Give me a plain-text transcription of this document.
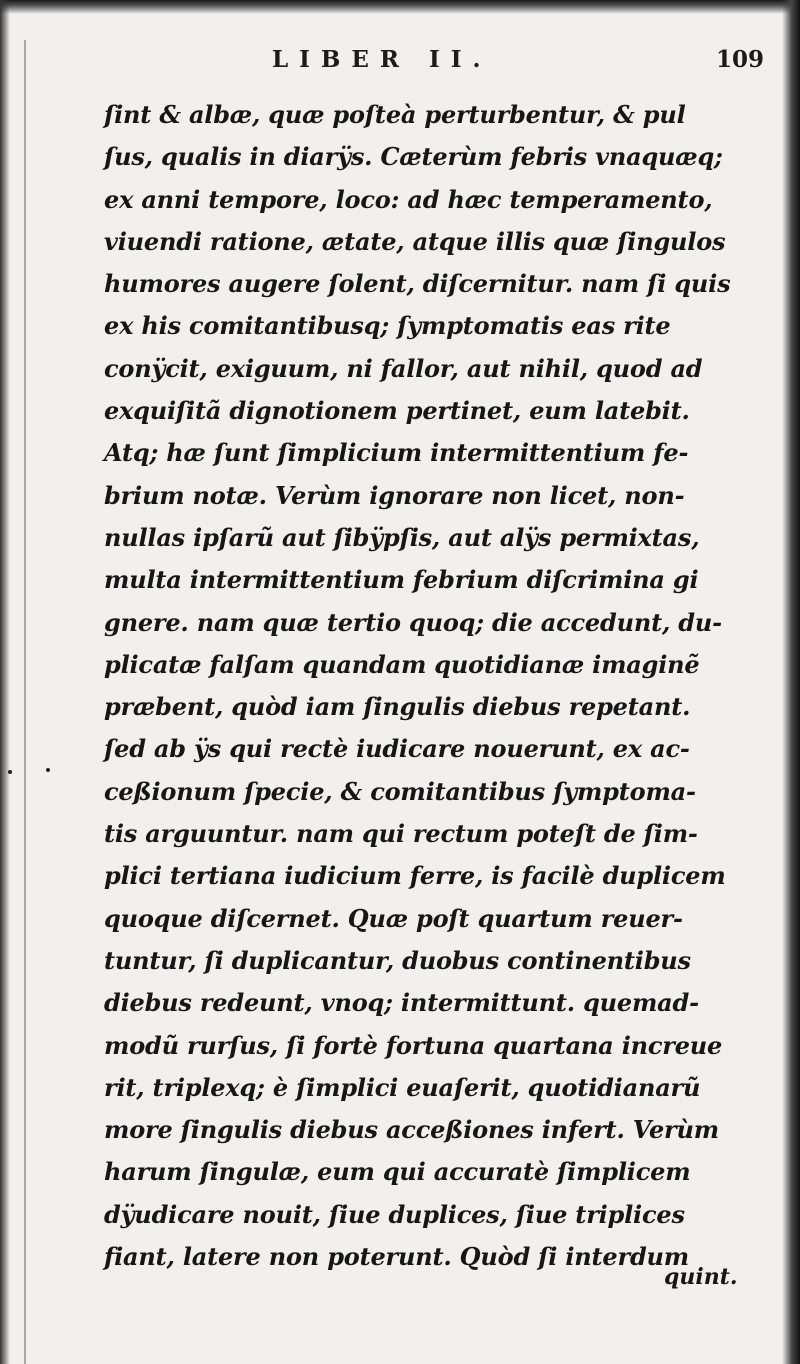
LIBER II.	109
ſint & albæ, quæ poſteà perturbentur, & pul
ſus, qualis in diarÿs. Cæterùm febris vnaquæq;
ex anni tempore, loco: ad hæc temperamento,
viuendi ratione, ætate, atque illis quæ ſingulos
humores augere ſolent, diſcernitur. nam ſi quis
ex his comitantibusq; ſymptomatis eas rite
conÿcit, exiguum, ni fallor, aut nihil, quod ad
exquiſitã dignotionem pertinet, eum latebit.
Atq; hæ ſunt ſimplicium intermittentium fe-
brium notæ. Verùm ignorare non licet, non-
nullas ipſarũ aut ſibÿpſis, aut alÿs permixtas,
multa intermittentium febrium diſcrimina gi
gnere. nam quæ tertio quoq; die accedunt, du-
plicatæ falſam quandam quotidianæ imaginẽ
præbent, quòd iam ſingulis diebus repetant.
ſed ab ÿs qui rectè iudicare nouerunt, ex ac-
ceßionum ſpecie, & comitantibus ſymptoma-
tis arguuntur. nam qui rectum poteſt de ſim-
plici tertiana iudicium ferre, is facilè duplicem
quoque diſcernet. Quæ poſt quartum reuer-
tuntur, ſi duplicantur, duobus continentibus
diebus redeunt, vnoq; intermittunt. quemad-
modũ rurſus, ſi fortè fortuna quartana increue
rit, triplexq; è ſimplici euaſerit, quotidianarũ
more ſingulis diebus acceßiones infert. Verùm
harum ſingulæ, eum qui accuratè ſimplicem
dÿudicare nouit, ſiue duplices, ſiue triplices
fiant, latere non poterunt. Quòd ſi interdum
quint.
